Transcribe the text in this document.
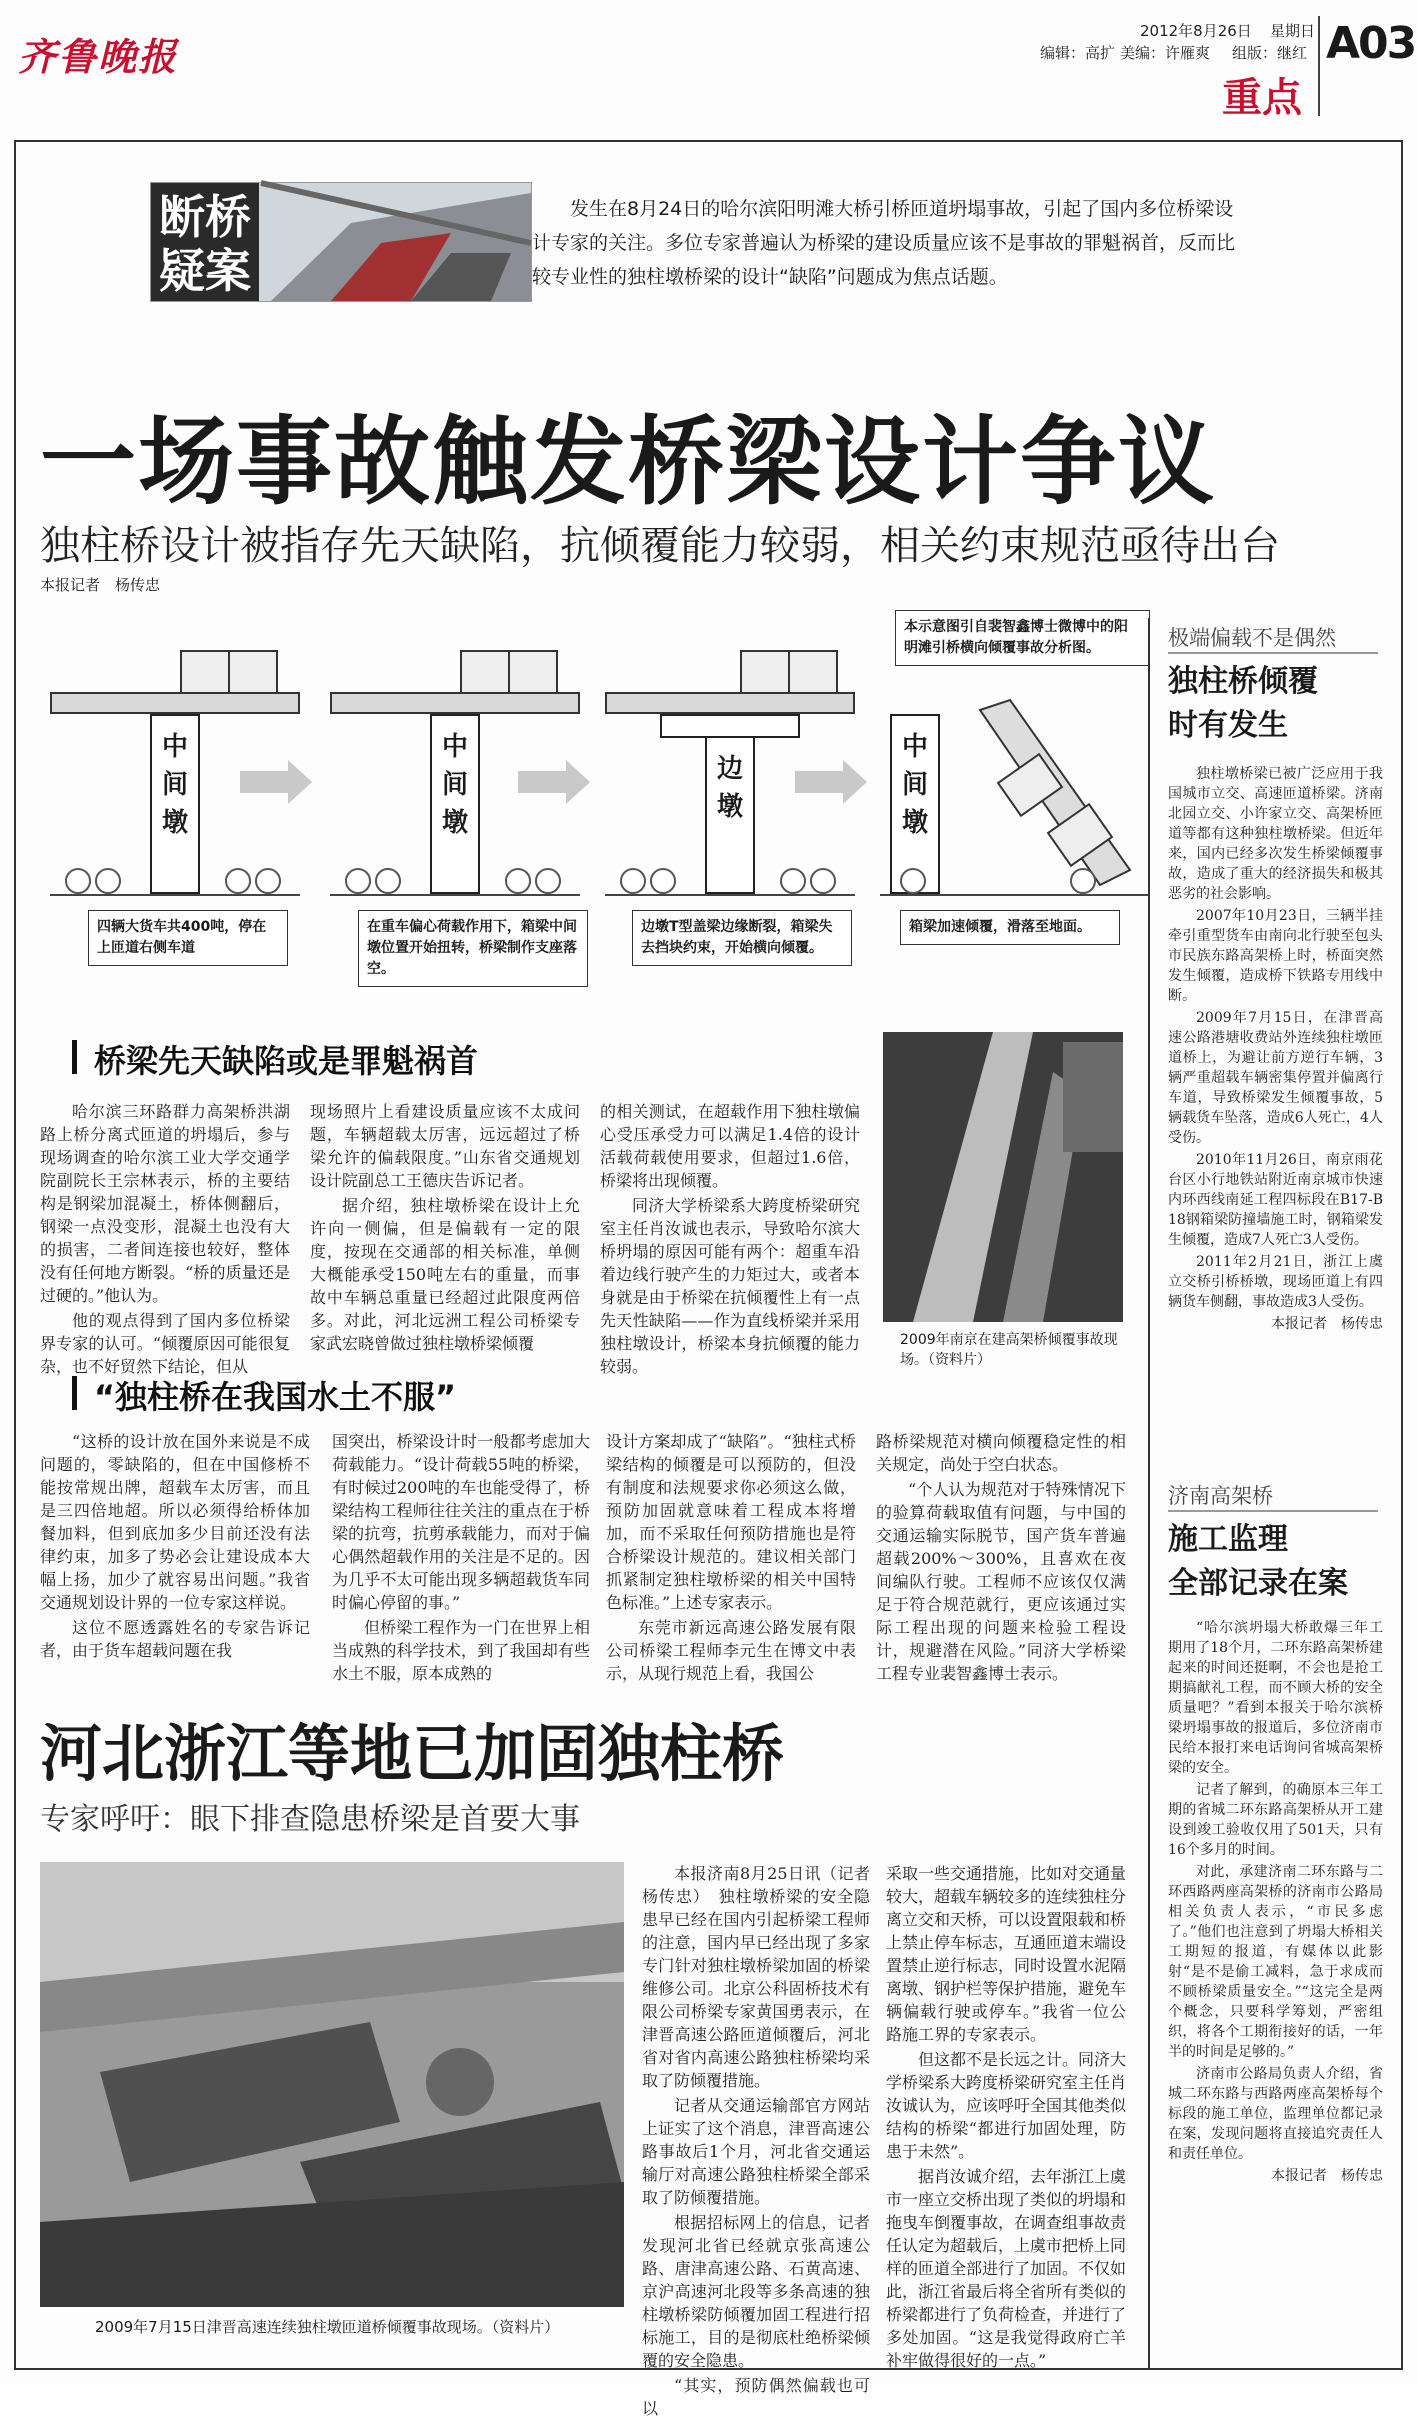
齐鲁晚报
2012年8月26日 星期日
编辑：高扩 美编：许雁爽 组版：继红 A03
重点
断桥
疑案
发生在8月24日的哈尔滨阳明滩大桥引桥匝道坍塌事故，引起了国内多位桥梁设计专家的关注。多位专家普遍认为桥梁的建设质量应该不是事故的罪魁祸首，反而比较专业性的独柱墩桥梁的设计“缺陷”问题成为焦点话题。
一场事故触发桥梁设计争议
独柱桥设计被指存先天缺陷，抗倾覆能力较弱，相关约束规范亟待出台
本报记者　杨传忠
中间墩
四辆大货车共400吨，停在上匝道右侧车道
中间墩
在重车偏心荷载作用下，箱梁中间墩位置开始扭转，桥梁制作支座落空。
边墩
边墩T型盖梁边缘断裂，箱梁失去挡块约束，开始横向倾覆。
本示意图引自裴智鑫博士微博中的阳明滩引桥横向倾覆事故分析图。
中间墩
箱梁加速倾覆，滑落至地面。
桥梁先天缺陷或是罪魁祸首

哈尔滨三环路群力高架桥洪湖路上桥分离式匝道的坍塌后，参与现场调查的哈尔滨工业大学交通学院副院长王宗林表示，桥的主要结构是钢梁加混凝土，桥体侧翻后，钢梁一点没变形，混凝土也没有大的损害，二者间连接也较好，整体没有任何地方断裂。“桥的质量还是过硬的。”他认为。

他的观点得到了国内多位桥梁界专家的认可。“倾覆原因可能很复杂，也不好贸然下结论，但从

现场照片上看建设质量应该不太成问题，车辆超载太厉害，远远超过了桥梁允许的偏载限度。”山东省交通规划设计院副总工王德庆告诉记者。

据介绍，独柱墩桥梁在设计上允许向一侧偏，但是偏载有一定的限度，按现在交通部的相关标准，单侧大概能承受150吨左右的重量，而事故中车辆总重量已经超过此限度两倍多。对此，河北远洲工程公司桥梁专家武宏晓曾做过独柱墩桥梁倾覆

的相关测试，在超载作用下独柱墩偏心受压承受力可以满足1.4倍的设计活载荷载使用要求，但超过1.6倍，桥梁将出现倾覆。

同济大学桥梁系大跨度桥梁研究室主任肖汝诚也表示，导致哈尔滨大桥坍塌的原因可能有两个：超重车沿着边线行驶产生的力矩过大，或者本身就是由于桥梁在抗倾覆性上有一点先天性缺陷——作为直线桥梁并采用独柱墩设计，桥梁本身抗倾覆的能力较弱。

2009年南京在建高架桥倾覆事故现场。（资料片）
“独柱桥在我国水土不服”

“这桥的设计放在国外来说是不成问题的，零缺陷的，但在中国修桥不能按常规出牌，超载车太厉害，而且是三四倍地超。所以必须得给桥体加餐加料，但到底加多少目前还没有法律约束，加多了势必会让建设成本大幅上扬，加少了就容易出问题。”我省交通规划设计界的一位专家这样说。

这位不愿透露姓名的专家告诉记者，由于货车超载问题在我

国突出，桥梁设计时一般都考虑加大荷载能力。“设计荷载55吨的桥梁，有时候过200吨的车也能受得了，桥梁结构工程师往往关注的重点在于桥梁的抗弯，抗剪承载能力，而对于偏心偶然超载作用的关注是不足的。因为几乎不太可能出现多辆超载货车同时偏心停留的事。”

但桥梁工程作为一门在世界上相当成熟的科学技术，到了我国却有些水土不服，原本成熟的

设计方案却成了“缺陷”。“独柱式桥梁结构的倾覆是可以预防的，但没有制度和法规要求你必须这么做，预防加固就意味着工程成本将增加，而不采取任何预防措施也是符合桥梁设计规范的。建议相关部门抓紧制定独柱墩桥梁的相关中国特色标准。”上述专家表示。

东莞市新远高速公路发展有限公司桥梁工程师李元生在博文中表示，从现行规范上看，我国公

路桥梁规范对横向倾覆稳定性的相关规定，尚处于空白状态。

“个人认为规范对于特殊情况下的验算荷载取值有问题，与中国的交通运输实际脱节，国产货车普遍超载200%～300%，且喜欢在夜间编队行驶。工程师不应该仅仅满足于符合规范就行，更应该通过实际工程出现的问题来检验工程设计，规避潜在风险。”同济大学桥梁工程专业裴智鑫博士表示。

河北浙江等地已加固独柱桥
专家呼吁：眼下排查隐患桥梁是首要大事
2009年7月15日津晋高速连续独柱墩匝道桥倾覆事故现场。（资料片）

本报济南8月25日讯（记者　杨传忠）　独柱墩桥梁的安全隐患早已经在国内引起桥梁工程师的注意，国内早已经出现了多家专门针对独柱墩桥梁加固的桥梁维修公司。北京公科固桥技术有限公司桥梁专家黄国勇表示，在津晋高速公路匝道倾覆后，河北省对省内高速公路独柱桥梁均采取了防倾覆措施。

记者从交通运输部官方网站上证实了这个消息，津晋高速公路事故后1个月，河北省交通运输厅对高速公路独柱桥梁全部采取了防倾覆措施。

根据招标网上的信息，记者发现河北省已经就京张高速公路、唐津高速公路、石黄高速、京沪高速河北段等多条高速的独柱墩桥梁防倾覆加固工程进行招标施工，目的是彻底杜绝桥梁倾覆的安全隐患。

“其实，预防偶然偏载也可以

采取一些交通措施，比如对交通量较大，超载车辆较多的连续独柱分离立交和天桥，可以设置限载和桥上禁止停车标志，互通匝道末端设置禁止逆行标志，同时设置水泥隔离墩、钢护栏等保护措施，避免车辆偏载行驶或停车。”我省一位公路施工界的专家表示。

但这都不是长远之计。同济大学桥梁系大跨度桥梁研究室主任肖汝诚认为，应该呼吁全国其他类似结构的桥梁“都进行加固处理，防患于未然”。

据肖汝诚介绍，去年浙江上虞市一座立交桥出现了类似的坍塌和拖曳车倒覆事故，在调查组事故责任认定为超载后，上虞市把桥上同样的匝道全部进行了加固。不仅如此，浙江省最后将全省所有类似的桥梁都进行了负荷检查，并进行了多处加固。“这是我觉得政府亡羊补牢做得很好的一点。”

极端偏载不是偶然
独柱桥倾覆
时有发生

独柱墩桥梁已被广泛应用于我国城市立交、高速匝道桥梁。济南北园立交、小许家立交、高架桥匝道等都有这种独柱墩桥梁。但近年来，国内已经多次发生桥梁倾覆事故，造成了重大的经济损失和极其恶劣的社会影响。

2007年10月23日，三辆半挂牵引重型货车由南向北行驶至包头市民族东路高架桥上时，桥面突然发生倾覆，造成桥下铁路专用线中断。

2009年7月15日，在津晋高速公路港塘收费站外连续独柱墩匝道桥上，为避让前方逆行车辆，3辆严重超载车辆密集停置并偏离行车道，导致桥梁发生倾覆事故，5辆载货车坠落，造成6人死亡，4人受伤。

2010年11月26日，南京雨花台区小行地铁站附近南京城市快速内环西线南延工程四标段在B17-B18钢箱梁防撞墙施工时，钢箱梁发生倾覆，造成7人死亡3人受伤。

2011年2月21日，浙江上虞立交桥引桥桥墩，现场匝道上有四辆货车侧翻，事故造成3人受伤。

本报记者　杨传忠

济南高架桥
施工监理
全部记录在案

“哈尔滨坍塌大桥敢爆三年工期用了18个月，二环东路高架桥建起来的时间还挺啊，不会也是抢工期搞献礼工程，而不顾大桥的安全质量吧？”看到本报关于哈尔滨桥梁坍塌事故的报道后，多位济南市民给本报打来电话询问省城高架桥梁的安全。

记者了解到，的确原本三年工期的省城二环东路高架桥从开工建设到竣工验收仅用了501天，只有16个多月的时间。

对此，承建济南二环东路与二环西路两座高架桥的济南市公路局相关负责人表示，“市民多虑了。”他们也注意到了坍塌大桥相关工期短的报道，有媒体以此影射“是不是偷工减料，急于求成而不顾桥梁质量安全。”“这完全是两个概念，只要科学筹划，严密组织，将各个工期衔接好的话，一年半的时间是足够的。”

济南市公路局负责人介绍，省城二环东路与西路两座高架桥每个标段的施工单位，监理单位都记录在案，发现问题将直接追究责任人和责任单位。

本报记者　杨传忠
